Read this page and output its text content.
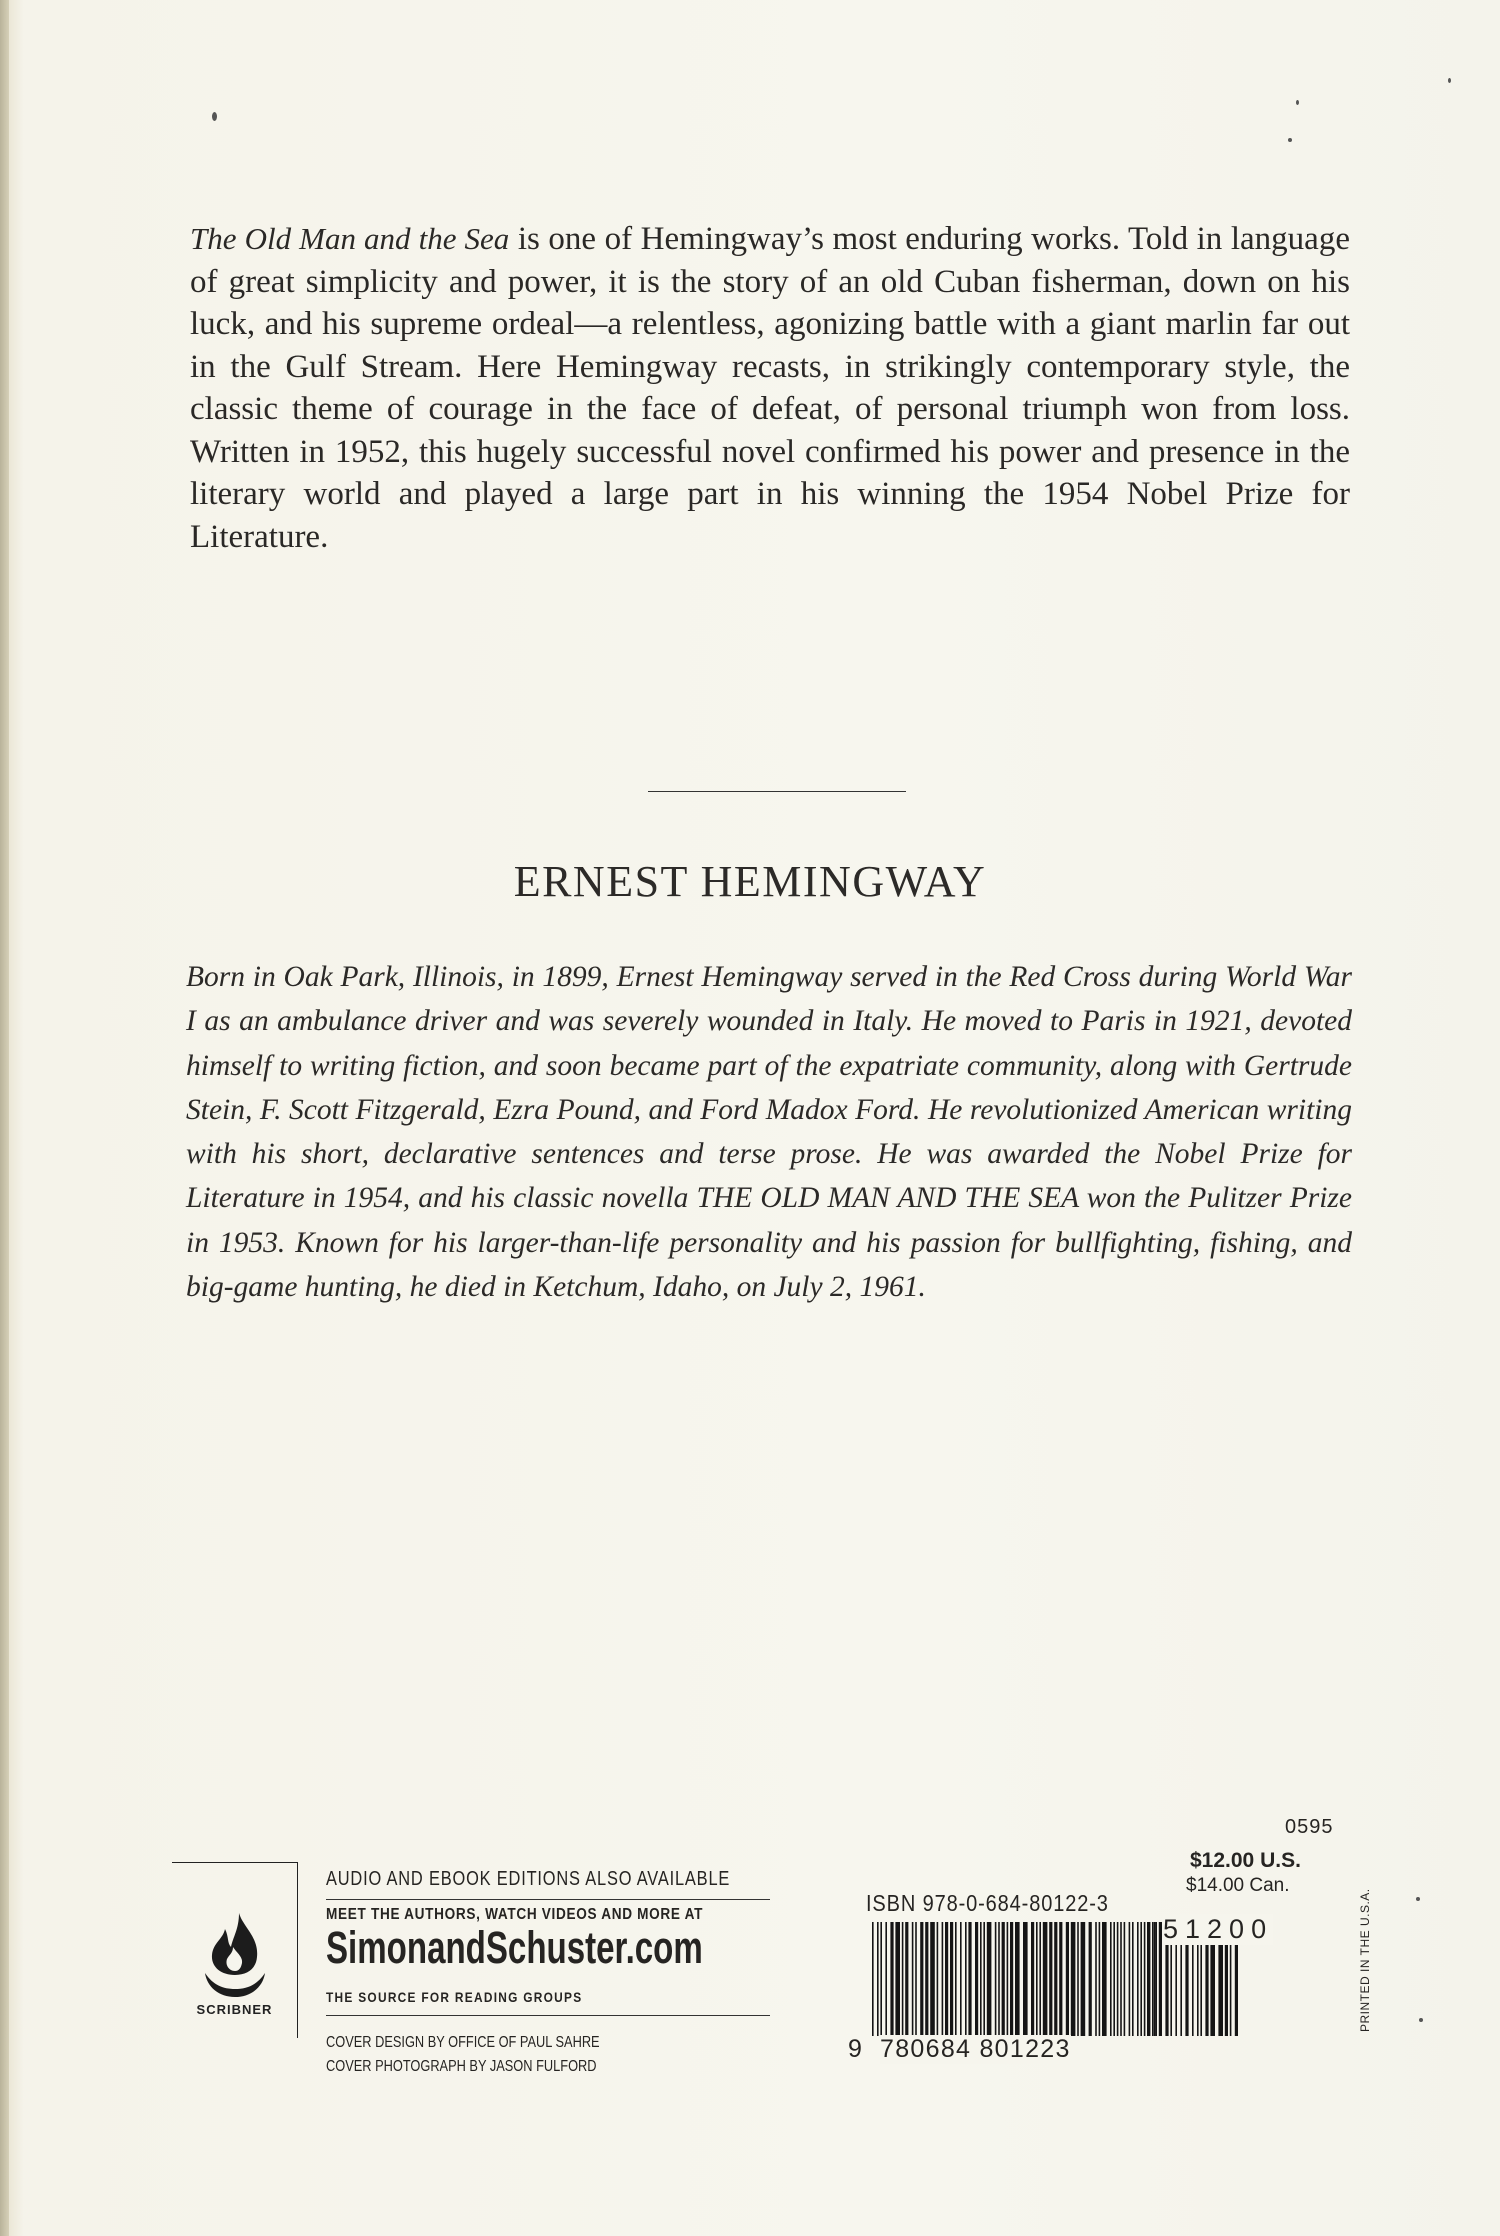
The Old Man and the Sea is one of Hemingway’s most enduring works. Told in language of great simplicity and power, it is the story of an old Cuban fisherman, down on his luck, and his supreme ordeal—a relentless, agonizing battle with a giant marlin far out in the Gulf Stream. Here Hemingway recasts, in strikingly contemporary style, the classic theme of courage in the face of defeat, of personal triumph won from loss. Written in 1952, this hugely successful novel confirmed his power and presence in the literary world and played a large part in his winning the 1954 Nobel Prize for Literature.

ERNEST HEMINGWAY

Born in Oak Park, Illinois, in 1899, Ernest Hemingway served in the Red Cross during World War I as an ambulance driver and was severely wounded in Italy. He moved to Paris in 1921, devoted himself to writing fiction, and soon became part of the expatriate community, along with Gertrude Stein, F. Scott Fitzgerald, Ezra Pound, and Ford Madox Ford. He revolutionized American writing with his short, declarative sentences and terse prose. He was awarded the Nobel Prize for Literature in 1954, and his classic novella THE OLD MAN AND THE SEA won the Pulitzer Prize in 1953. Known for his larger-than-life personality and his passion for bullfighting, fishing, and big-game hunting, he died in Ketchum, Idaho, on July 2, 1961.

SCRIBNER
AUDIO AND EBOOK EDITIONS ALSO AVAILABLE
MEET THE AUTHORS, WATCH VIDEOS AND MORE AT
SimonandSchuster.com
THE SOURCE FOR READING GROUPS
COVER DESIGN BY OFFICE OF PAUL SAHRE
COVER PHOTOGRAPH BY JASON FULFORD
0595
$12.00 U.S.
$14.00 Can.
ISBN 978-0-684-80122-3
51200
9 780684 801223
PRINTED IN THE U.S.A.
